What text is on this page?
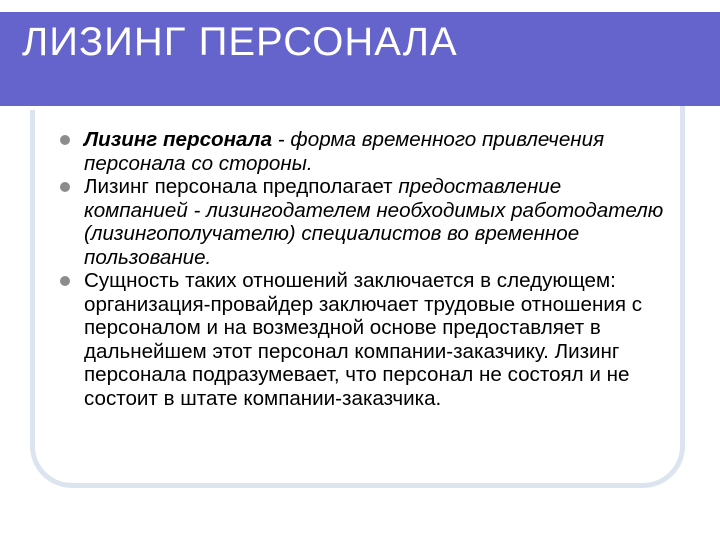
ЛИЗИНГ ПЕРСОНАЛА
Лизинг персонала - форма временного привлечения персонала со стороны.
Лизинг персонала предполагает предоставление компанией - лизингодателем необходимых работодателю (лизингополучателю) специалистов во временное пользование.
Сущность таких отношений заключается в следующем: организация-провайдер заключает трудовые отношения с персоналом и на возмездной основе предоставляет в дальнейшем этот персонал компании-заказчику. Лизинг персонала подразумевает, что персонал не состоял и не состоит в штате компании-заказчика.
